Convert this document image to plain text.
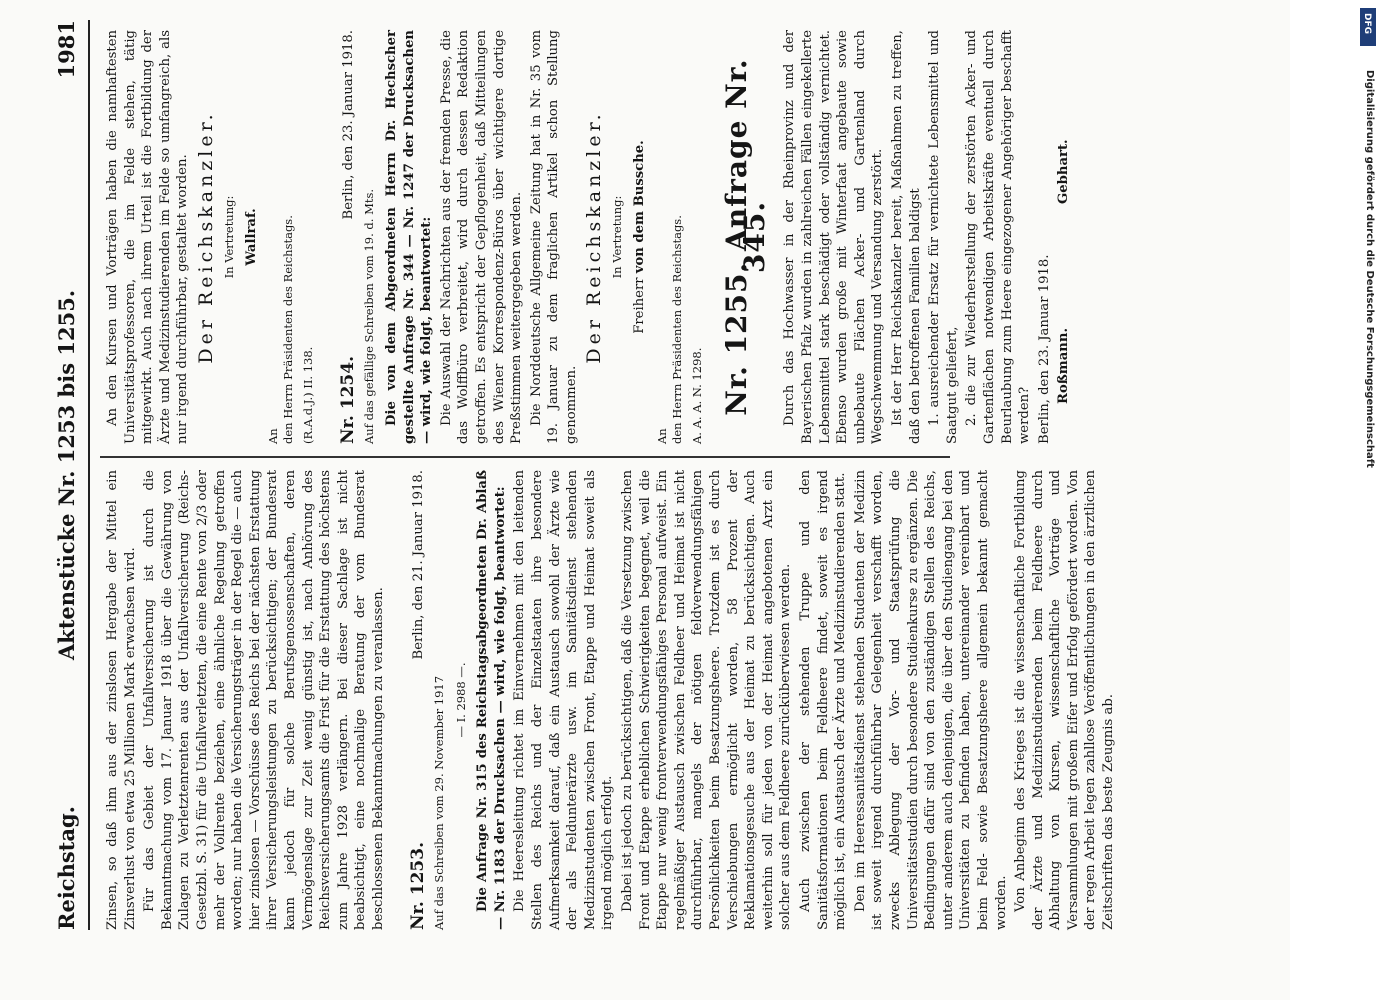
Reichstag.
Aktenstücke Nr. 1253 bis 1255.
1981

Zinsen, so daß ihm aus der zinslosen Hergabe der Mittel ein Zinsverlust von etwa 25 Millionen Mark erwachsen wird. Für das Gebiet der Unfallversicherung ist durch die Bekanntmachung vom 17. Januar 1918 über die Gewährung von Zulagen zu Verletztenrenten aus der Unfallversicherung (Reichs-Gesetzbl. S. 31) für die Unfallverletzten, die eine Rente von 2/3 oder mehr der Vollrente beziehen, eine ähnliche Regelung getroffen worden; nur haben die Versicherungsträger in der Regel die — auch hier zinslosen — Vorschüsse des Reichs bei der nächsten Erstattung ihrer Versicherungsleistungen zu berücksichtigen; der Bundesrat kann jedoch für solche Berufsgenossenschaften, deren Vermögenslage zur Zeit wenig günstig ist, nach Anhörung des Reichsversicherungsamts die Frist für die Erstattung des höchstens zum Jahre 1928 verlängern. Bei dieser Sachlage ist nicht beabsichtigt, eine nochmalige Beratung der vom Bundesrat beschlossenen Bekanntmachungen zu veranlassen. Nr. 1253.
Berlin, den 21. Januar 1918.
Auf das Schreiben vom 29. November 1917 — I. 2988 —. Die Anfrage Nr. 315 des Reichstagsabgeordneten Dr. Ablaß — Nr. 1183 der Drucksachen — wird, wie folgt, beantwortet: Die Heeresleitung richtet im Einvernehmen mit den leitenden Stellen des Reichs und der Einzelstaaten ihre besondere Aufmerksamkeit darauf, daß ein Austausch sowohl der Ärzte wie der als Feldunterärzte usw. im Sanitätsdienst stehenden Medizinstudenten zwischen Front, Etappe und Heimat soweit als irgend möglich erfolgt. Dabei ist jedoch zu berücksichtigen, daß die Versetzung zwischen Front und Etappe erheblichen Schwierigkeiten begegnet, weil die Etappe nur wenig frontverwendungsfähiges Personal aufweist. Ein regelmäßiger Austausch zwischen Feldheer und Heimat ist nicht durchführbar, mangels der nötigen feldverwendungsfähigen Persönlichkeiten beim Besatzungsheere. Trotzdem ist es durch Verschiebungen ermöglicht worden, 58 Prozent der Reklamationsgesuche aus der Heimat zu berücksichtigen. Auch weiterhin soll für jeden von der Heimat angebotenen Arzt ein solcher aus dem Feldheere zurücküberwiesen werden. Auch zwischen der stehenden Truppe und den Sanitätsformationen beim Feldheere findet, soweit es irgend möglich ist, ein Austausch der Ärzte und Medizinstudierenden statt. Den im Heeressanitätsdienst stehenden Studenten der Medizin ist soweit irgend durchführbar Gelegenheit verschafft worden, zwecks Ablegung der Vor- und Staatsprüfung die Universitätsstudien durch besondere Studienkurse zu ergänzen. Die Bedingungen dafür sind von den zuständigen Stellen des Reichs, unter anderem auch denjenigen, die über den Studiengang bei den Universitäten zu befinden haben, untereinander vereinbart und beim Feld- sowie Besatzungsheere allgemein bekannt gemacht worden. Von Anbeginn des Krieges ist die wissenschaftliche Fortbildung der Ärzte und Medizinstudierenden beim Feldheere durch Abhaltung von Kursen, wissenschaftliche Vorträge und Versammlungen mit großem Eifer und Erfolg gefördert worden. Von der regen Arbeit legen zahllose Veröffentlichungen in den ärztlichen Zeitschriften das beste Zeugnis ab.

An den Kursen und Vorträgen haben die namhaftesten Universitätsprofessoren, die im Felde stehen, tätig mitgewirkt. Auch nach ihrem Urteil ist die Fortbildung der Ärzte und Medizinstudierenden im Felde so umfangreich, als nur irgend durchführbar, gestaltet worden. Der Reichskanzler. In Vertretung: Wallraf.
An den Herrn Präsidenten des Reichstags. (R.A.d.J.) II. 138. Nr. 1254.
Berlin, den 23. Januar 1918.
Auf das gefällige Schreiben vom 19. d. Mts. Die von dem Abgeordneten Herrn Dr. Hechscher gestellte Anfrage Nr. 344 — Nr. 1247 der Drucksachen — wird, wie folgt, beantwortet: Die Auswahl der Nachrichten aus der fremden Presse, die das Wolffbüro verbreitet, wird durch dessen Redaktion getroffen. Es entspricht der Gepflogenheit, daß Mitteilungen des Wiener Korrespondenz-Büros über wichtigere dortige Preßstimmen weitergegeben werden. Die Norddeutsche Allgemeine Zeitung hat in Nr. 35 vom 19. Januar zu dem fraglichen Artikel schon Stellung genommen.

Der Reichskanzler. In Vertretung:
Freiherr von dem Bussche.
An den Herrn Präsidenten des Reichstags. A. A. A. N. 1298. Nr. 1255. Anfrage Nr. 345. Durch das Hochwasser in der Rheinprovinz und der Bayerischen Pfalz wurden in zahlreichen Fällen eingekellerte Lebensmittel stark beschädigt oder vollständig vernichtet. Ebenso wurden große mit Winterfaat angebaute sowie unbebaute Flächen Acker- und Gartenland durch Wegschwemmung und Versandung zerstört. Ist der Herr Reichskanzler bereit, Maßnahmen zu treffen, daß den betroffenen Familien baldigst 1. ausreichender Ersatz für vernichtete Lebensmittel und Saatgut geliefert, 2. die zur Wiederherstellung der zerstörten Acker- und Gartenflächen notwendigen Arbeitskräfte eventuell durch Beurlaubung zum Heere eingezogener Angehöriger beschafft werden? Berlin, den 23. Januar 1918. Roßmann.
Gebhart.
DFG
Digitalisierung gefördert durch die Deutsche Forschungsgemeinschaft
